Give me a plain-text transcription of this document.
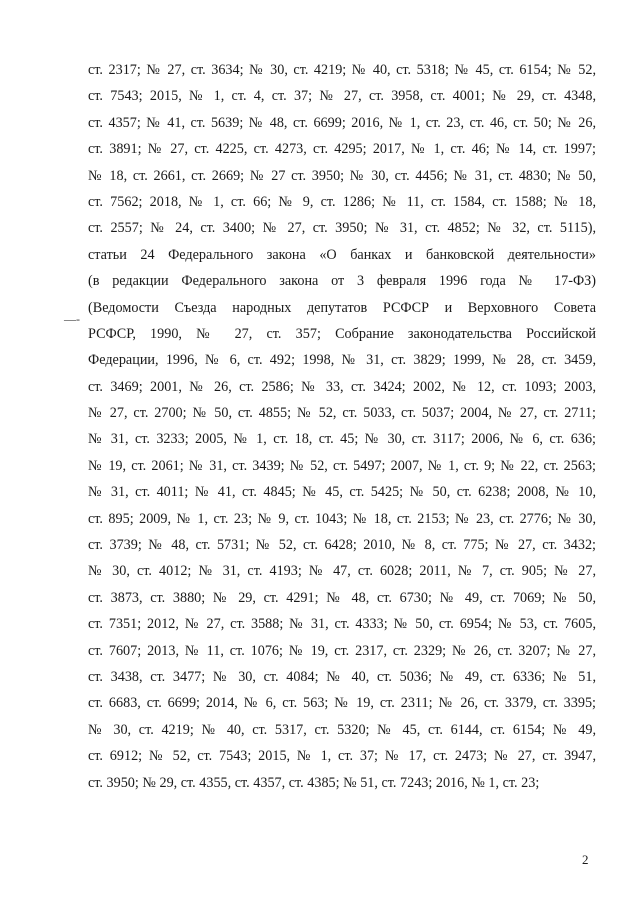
—-
ст. 2317; № 27, ст. 3634; № 30, ст. 4219; № 40, ст. 5318; № 45, ст. 6154; № 52,
ст. 7543; 2015, № 1, ст. 4, ст. 37; № 27, ст. 3958, ст. 4001; № 29, ст. 4348,
ст. 4357; № 41, ст. 5639; № 48, ст. 6699; 2016, № 1, ст. 23, ст. 46, ст. 50; № 26,
ст. 3891; № 27, ст. 4225, ст. 4273, ст. 4295; 2017, № 1, ст. 46; № 14, ст. 1997;
№ 18, ст. 2661, ст. 2669; № 27 ст. 3950; № 30, ст. 4456; № 31, ст. 4830; № 50,
ст. 7562; 2018, № 1, ст. 66; № 9, ст. 1286; № 11, ст. 1584, ст. 1588; № 18,
ст. 2557; № 24, ст. 3400; № 27, ст. 3950; № 31, ст. 4852; № 32, ст. 5115),
статьи 24 Федерального закона «О банках и банковской деятельности»
(в редакции Федерального закона от 3 февраля 1996 года № 17-ФЗ)
(Ведомости Съезда народных депутатов РСФСР и Верховного Совета
РСФСР, 1990, № 27, ст. 357; Собрание законодательства Российской
Федерации, 1996, № 6, ст. 492; 1998, № 31, ст. 3829; 1999, № 28, ст. 3459,
ст. 3469; 2001, № 26, ст. 2586; № 33, ст. 3424; 2002, № 12, ст. 1093; 2003,
№ 27, ст. 2700; № 50, ст. 4855; № 52, ст. 5033, ст. 5037; 2004, № 27, ст. 2711;
№ 31, ст. 3233; 2005, № 1, ст. 18, ст. 45; № 30, ст. 3117; 2006, № 6, ст. 636;
№ 19, ст. 2061; № 31, ст. 3439; № 52, ст. 5497; 2007, № 1, ст. 9; № 22, ст. 2563;
№ 31, ст. 4011; № 41, ст. 4845; № 45, ст. 5425; № 50, ст. 6238; 2008, № 10,
ст. 895; 2009, № 1, ст. 23; № 9, ст. 1043; № 18, ст. 2153; № 23, ст. 2776; № 30,
ст. 3739; № 48, ст. 5731; № 52, ст. 6428; 2010, № 8, ст. 775; № 27, ст. 3432;
№ 30, ст. 4012; № 31, ст. 4193; № 47, ст. 6028; 2011, № 7, ст. 905; № 27,
ст. 3873, ст. 3880; № 29, ст. 4291; № 48, ст. 6730; № 49, ст. 7069; № 50,
ст. 7351; 2012, № 27, ст. 3588; № 31, ст. 4333; № 50, ст. 6954; № 53, ст. 7605,
ст. 7607; 2013, № 11, ст. 1076; № 19, ст. 2317, ст. 2329; № 26, ст. 3207; № 27,
ст. 3438, ст. 3477; № 30, ст. 4084; № 40, ст. 5036; № 49, ст. 6336; № 51,
ст. 6683, ст. 6699; 2014, № 6, ст. 563; № 19, ст. 2311; № 26, ст. 3379, ст. 3395;
№ 30, ст. 4219; № 40, ст. 5317, ст. 5320; № 45, ст. 6144, ст. 6154; № 49,
ст. 6912; № 52, ст. 7543; 2015, № 1, ст. 37; № 17, ст. 2473; № 27, ст. 3947,
ст. 3950; № 29, ст. 4355, ст. 4357, ст. 4385; № 51, ст. 7243; 2016, № 1, ст. 23;
2
